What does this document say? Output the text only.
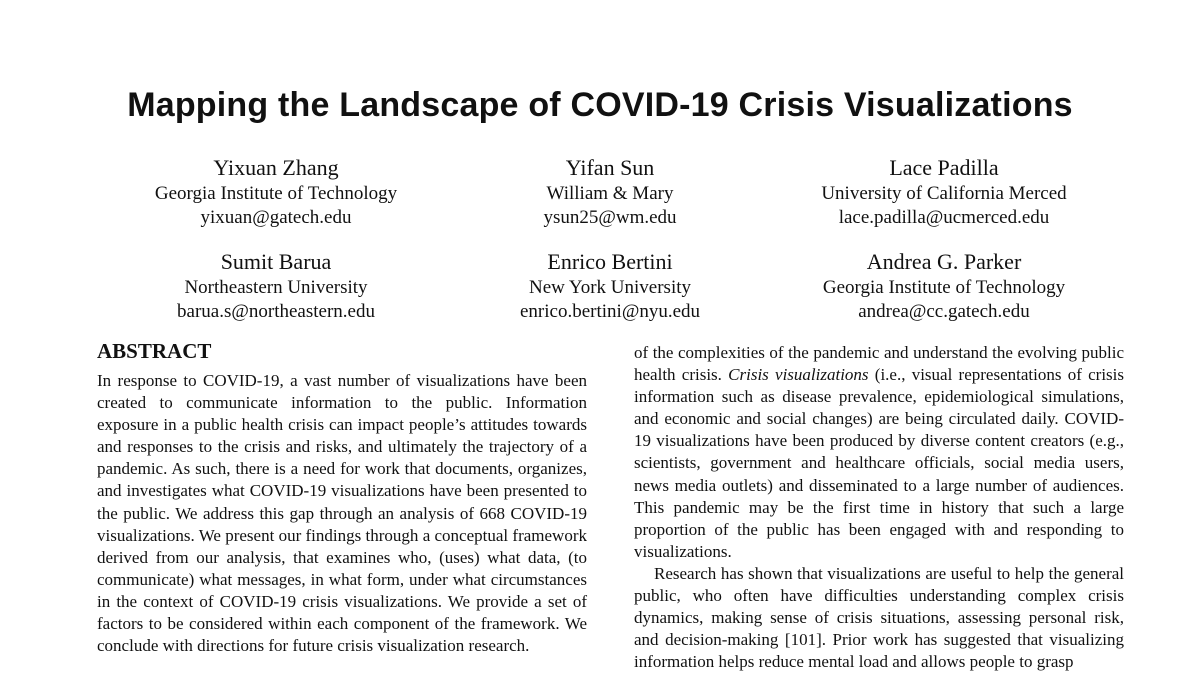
Mapping the Landscape of COVID-19 Crisis Visualizations
Yixuan Zhang
Georgia Institute of Technology
yixuan@gatech.edu
Yifan Sun
William & Mary
ysun25@wm.edu
Lace Padilla
University of California Merced
lace.padilla@ucmerced.edu
Sumit Barua
Northeastern University
barua.s@northeastern.edu
Enrico Bertini
New York University
enrico.bertini@nyu.edu
Andrea G. Parker
Georgia Institute of Technology
andrea@cc.gatech.edu
ABSTRACT

In response to COVID-19, a vast number of visualizations have been created to communicate information to the public. Information exposure in a public health crisis can impact people’s attitudes towards and responses to the crisis and risks, and ultimately the trajectory of a pandemic. As such, there is a need for work that documents, organizes, and investigates what COVID-19 visualizations have been presented to the public. We address this gap through an analysis of 668 COVID-19 visualizations. We present our findings through a conceptual framework derived from our analysis, that examines who, (uses) what data, (to communicate) what messages, in what form, under what circumstances in the context of COVID-19 crisis visualizations. We provide a set of factors to be considered within each component of the framework. We conclude with directions for future crisis visualization research.

of the complexities of the pandemic and understand the evolving public health crisis. Crisis visualizations (i.e., visual representations of crisis information such as disease prevalence, epidemiological simulations, and economic and social changes) are being circulated daily. COVID-19 visualizations have been produced by diverse content creators (e.g., scientists, government and healthcare officials, social media users, news media outlets) and disseminated to a large number of audiences. This pandemic may be the first time in history that such a large proportion of the public has been engaged with and responding to visualizations.

Research has shown that visualizations are useful to help the general public, who often have difficulties understanding complex crisis dynamics, making sense of crisis situations, assessing personal risk, and decision-making [101]. Prior work has suggested that visualizing information helps reduce mental load and allows people to grasp
